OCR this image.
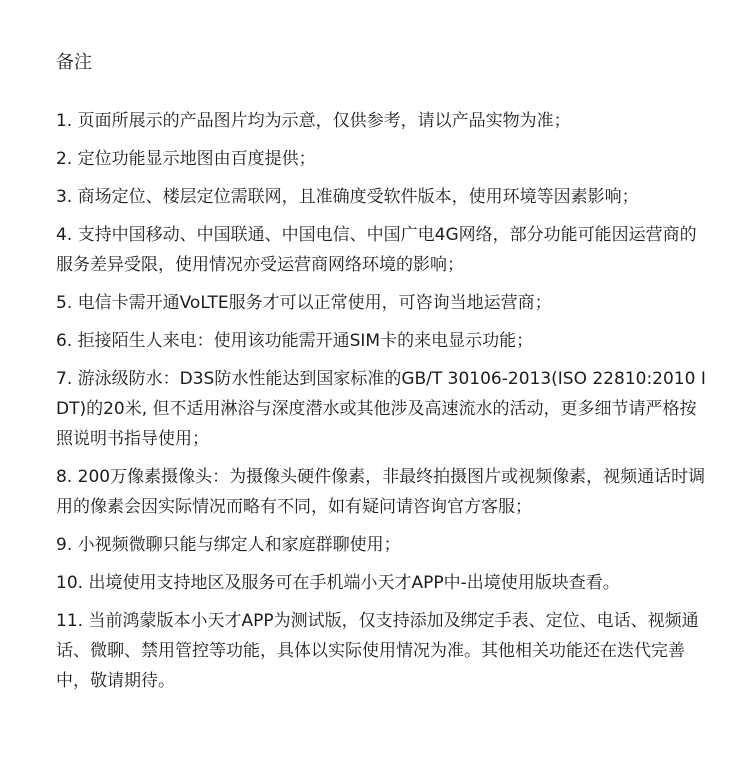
备注
1. 页面所展示的产品图片均为示意，仅供参考，请以产品实物为准；
2. 定位功能显示地图由百度提供；
3. 商场定位、楼层定位需联网，且准确度受软件版本，使用环境等因素影响；
4. 支持中国移动、中国联通、中国电信、中国广电4G网络，部分功能可能因运营商的服务差异受限，使用情况亦受运营商网络环境的影响；
5. 电信卡需开通VoLTE服务才可以正常使用，可咨询当地运营商；
6. 拒接陌生人来电：使用该功能需开通SIM卡的来电显示功能；
7. 游泳级防水：D3S防水性能达到国家标准的GB/T 30106-2013(ISO 22810:2010 IDT)的20米, 但不适用淋浴与深度潜水或其他涉及高速流水的活动，更多细节请严格按照说明书指导使用；
8. 200万像素摄像头：为摄像头硬件像素，非最终拍摄图片或视频像素，视频通话时调用的像素会因实际情况而略有不同，如有疑问请咨询官方客服；
9. 小视频微聊只能与绑定人和家庭群聊使用；
10. 出境使用支持地区及服务可在手机端小天才APP中-出境使用版块查看。
11. 当前鸿蒙版本小天才APP为测试版，仅支持添加及绑定手表、定位、电话、视频通话、微聊、禁用管控等功能，具体以实际使用情况为准。其他相关功能还在迭代完善中，敬请期待。
